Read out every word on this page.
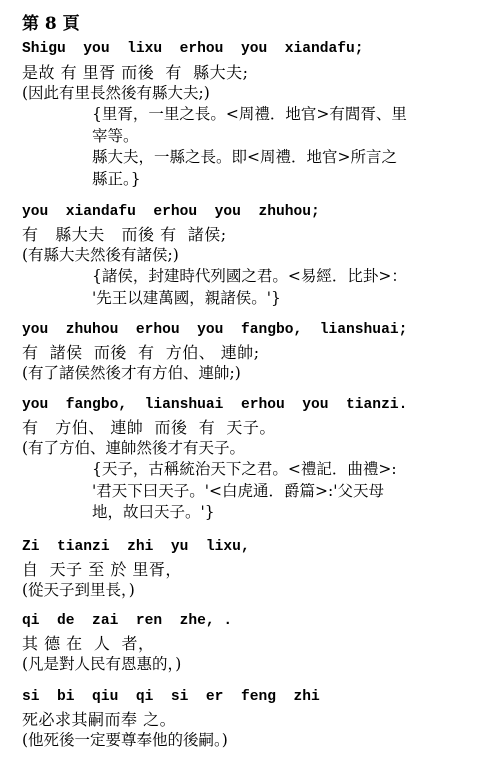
第 8 頁
Shigu  you  lixu  erhou  you  xiandafu;
是故 有 里胥 而後  有  縣大夫;
(因此有里長然後有縣大夫;)
{里胥，一里之長。<周禮．地官>有閭胥、里
宰等。
縣大夫，一縣之長。即<周禮．地官>所言之
縣正。}
you  xiandafu  erhou  you  zhuhou;
有   縣大夫   而後 有  諸侯;
(有縣大夫然後有諸侯;)
{諸侯，封建時代列國之君。<易經．比卦>：
'先王以建萬國，親諸侯。'}
you  zhuhou  erhou  you  fangbo,  lianshuai;
有  諸侯  而後  有  方伯、 連帥;
(有了諸侯然後才有方伯、連帥;)
you  fangbo,  lianshuai  erhou  you  tianzi.
有   方伯、 連帥  而後  有  天子。
(有了方伯、連帥然後才有天子。
{天子，古稱統治天下之君。<禮記．曲禮>:
'君天下曰天子。'<白虎通．爵篇>:'父天母
地，故曰天子。'}
Zi  tianzi  zhi  yu  lixu,
自  天子 至 於 里胥，
(從天子到里長，)
qi  de  zai  ren  zhe, .
其 德 在  人  者，
(凡是對人民有恩惠的，)
si  bi  qiu  qi  si  er  feng  zhi
死必求其嗣而奉 之。
(他死後一定要尊奉他的後嗣。)
